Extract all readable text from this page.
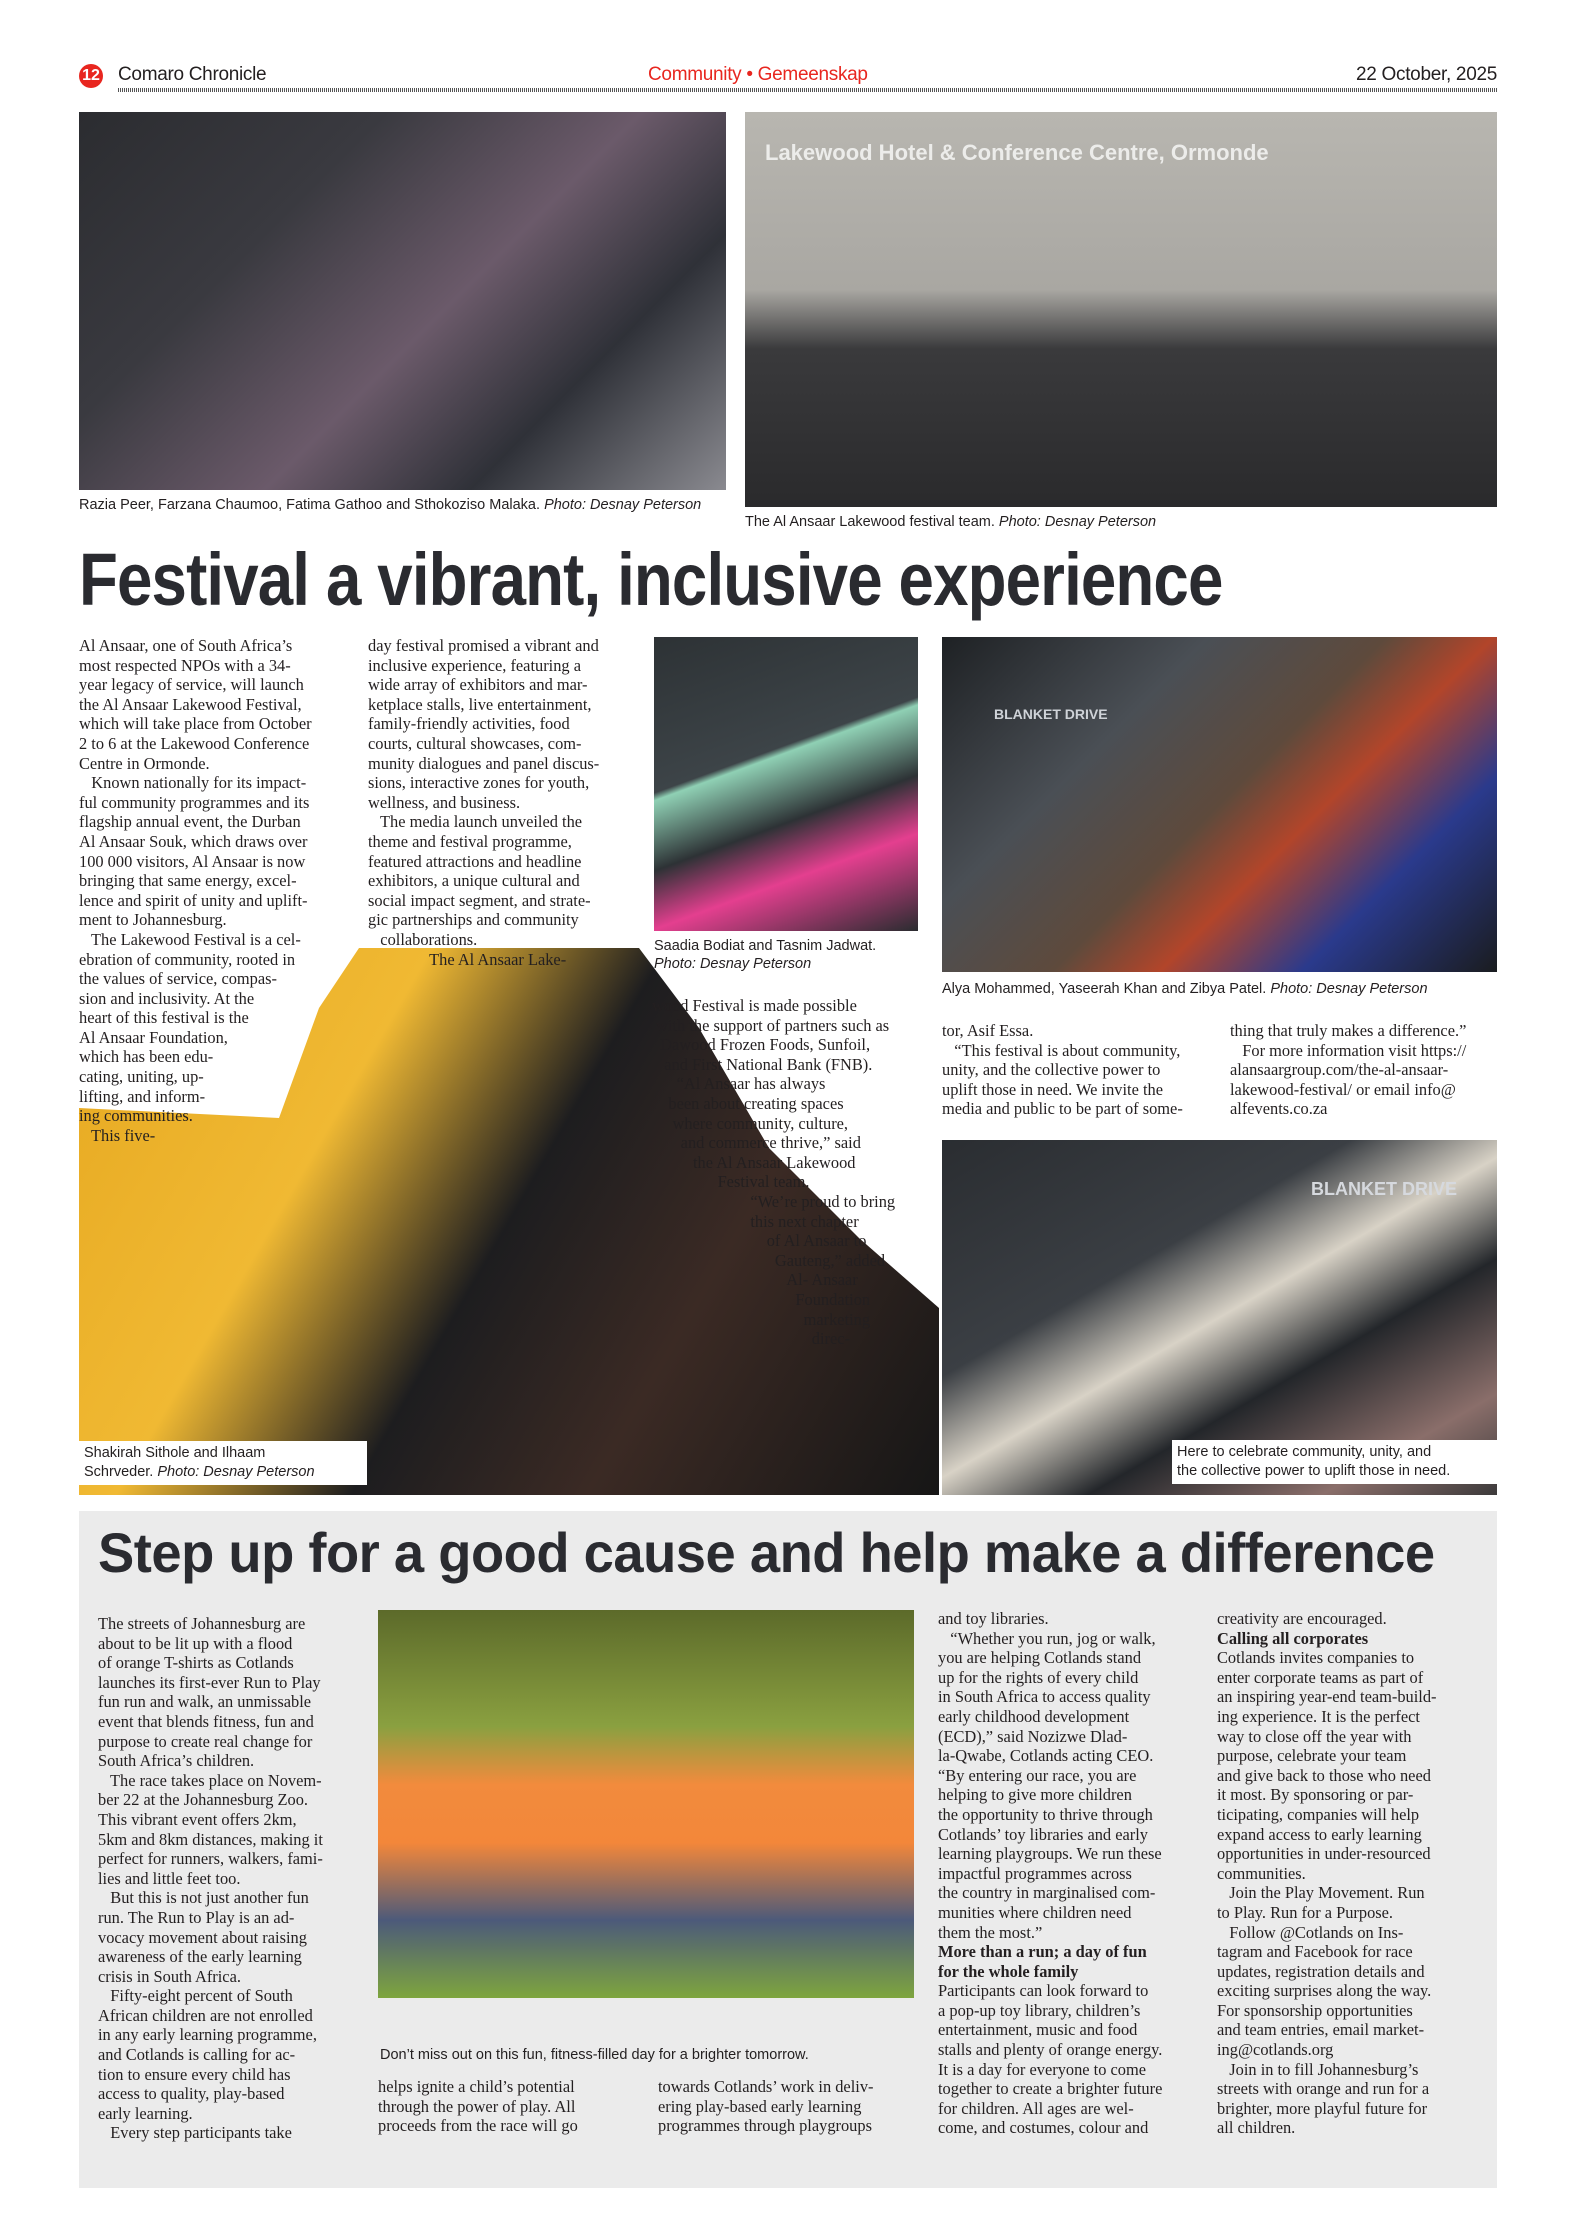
12 Comaro Chronicle	Community • Gemeenskap	22 October, 2025
Razia Peer, Farzana Chaumoo, Fatima Gathoo and Sthokoziso Malaka. Photo: Desnay Peterson
Lakewood Hotel & Conference Centre, Ormonde
The Al Ansaar Lakewood festival team. Photo: Desnay Peterson
Festival a vibrant, inclusive experience
Shakirah Sithole and Ilhaam
Schrveder. Photo: Desnay Peterson
Al Ansaar, one of South Africa’s
most respected NPOs with a 34-
year legacy of service, will launch
the Al Ansaar Lakewood Festival,
which will take place from October
2 to 6 at the Lakewood Conference
Centre in Ormonde.
Known nationally for its impact-
ful community programmes and its
flagship annual event, the Durban
Al Ansaar Souk, which draws over
100 000 visitors, Al Ansaar is now
bringing that same energy, excel-
lence and spirit of unity and uplift-
ment to Johannesburg.
The Lakewood Festival is a cel-
ebration of community, rooted in
the values of service, compas-
sion and inclusivity. At the
heart of this festival is the
Al Ansaar Foundation,
which has been edu-
cating, uniting, up-
lifting, and inform-
ing communities.
This five-
day festival promised a vibrant and
inclusive experience, featuring a
wide array of exhibitors and mar-
ketplace stalls, live entertainment,
family-friendly activities, food
courts, cultural showcases, com-
munity dialogues and panel discus-
sions, interactive zones for youth,
wellness, and business.
The media launch unveiled the
theme and festival programme,
featured attractions and headline
exhibitors, a unique cultural and
social impact segment, and strate-
gic partnerships and community
collaborations.
The Al Ansaar Lake-
Saadia Bodiat and Tasnim Jadwat.
Photo: Desnay Peterson
BLANKET DRIVE
Alya Mohammed, Yaseerah Khan and Zibya Patel. Photo: Desnay Peterson
wood Festival is made possible
with the support of partners such as
Dawood Frozen Foods, Sunfoil,
and First National Bank (FNB).
“Al Ansaar has always
been about creating spaces
where community, culture,
and commerce thrive,” said
the Al Ansaar Lakewood
Festival team.
“We’re proud to bring
this next chapter
of Al Ansaar to
Gauteng,” added
Al- Ansaar
Foundation
marketing
direc-
tor, Asif Essa.
“This festival is about community,
unity, and the collective power to
uplift those in need. We invite the
media and public to be part of some-
thing that truly makes a difference.”
For more information visit https://
alansaargroup.com/the-al-ansaar-
lakewood-festival/ or email info@
alfevents.co.za
BLANKET DRIVE
Here to celebrate community, unity, and
the collective power to uplift those in need.
Step up for a good cause and help make a difference
The streets of Johannesburg are
about to be lit up with a flood
of orange T-shirts as Cotlands
launches its first-ever Run to Play
fun run and walk, an unmissable
event that blends fitness, fun and
purpose to create real change for
South Africa’s children.
The race takes place on Novem-
ber 22 at the Johannesburg Zoo.
This vibrant event offers 2km,
5km and 8km distances, making it
perfect for runners, walkers, fami-
lies and little feet too.
But this is not just another fun
run. The Run to Play is an ad-
vocacy movement about raising
awareness of the early learning
crisis in South Africa.
Fifty-eight percent of South
African children are not enrolled
in any early learning programme,
and Cotlands is calling for ac-
tion to ensure every child has
access to quality, play-based
early learning.
Every step participants take
Don’t miss out on this fun, fitness-filled day for a brighter tomorrow.
helps ignite a child’s potential
through the power of play. All
proceeds from the race will go
towards Cotlands’ work in deliv-
ering play-based early learning
programmes through playgroups
and toy libraries.
“Whether you run, jog or walk,
you are helping Cotlands stand
up for the rights of every child
in South Africa to access quality
early childhood development
(ECD),” said Nozizwe Dlad-
la-Qwabe, Cotlands acting CEO.
“By entering our race, you are
helping to give more children
the opportunity to thrive through
Cotlands’ toy libraries and early
learning playgroups. We run these
impactful programmes across
the country in marginalised com-
munities where children need
them the most.”
More than a run; a day of fun
for the whole family
Participants can look forward to
a pop-up toy library, children’s
entertainment, music and food
stalls and plenty of orange energy.
It is a day for everyone to come
together to create a brighter future
for children. All ages are wel-
come, and costumes, colour and
creativity are encouraged.
Calling all corporates
Cotlands invites companies to
enter corporate teams as part of
an inspiring year-end team-build-
ing experience. It is the perfect
way to close off the year with
purpose, celebrate your team
and give back to those who need
it most. By sponsoring or par-
ticipating, companies will help
expand access to early learning
opportunities in under-resourced
communities.
Join the Play Movement. Run
to Play. Run for a Purpose.
Follow @Cotlands on Ins-
tagram and Facebook for race
updates, registration details and
exciting surprises along the way.
For sponsorship opportunities
and team entries, email market-
ing@cotlands.org
Join in to fill Johannesburg’s
streets with orange and run for a
brighter, more playful future for
all children.
